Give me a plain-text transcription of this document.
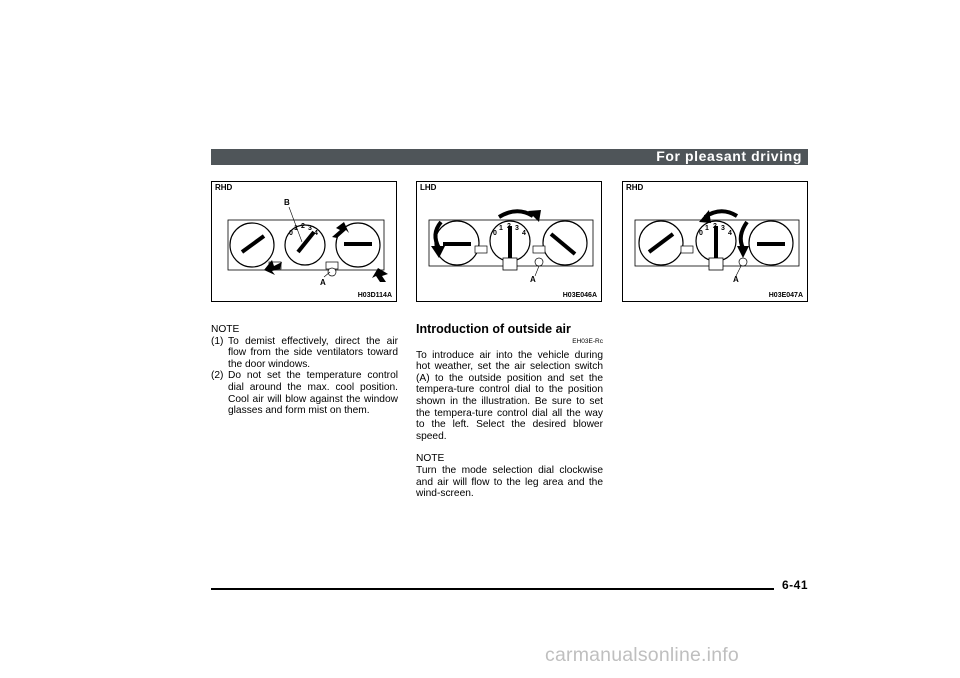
For pleasant driving
RHD
B
A
0
1 2 3
4
H03D114A
LHD
A
0
1 2 3
4
H03E046A
RHD
A
0
1 2 3
4
H03E047A
NOTE
(1) To demist effectively, direct the air flow from the side ventilators toward the door windows.
(2) Do not set the temperature control dial around the max. cool position. Cool air will blow against the window glasses and form mist on them.
Introduction of outside air
EH03E-Rc
To introduce air into the vehicle during hot weather, set the air selection switch (A) to the outside position and set the tempera-ture control dial to the position shown in the illustration. Be sure to set the tempera-ture control dial all the way to the left. Select the desired blower speed.
NOTE
Turn the mode selection dial clockwise and air will flow to the leg area and the wind-screen.
6-41
carmanualsonline.info
